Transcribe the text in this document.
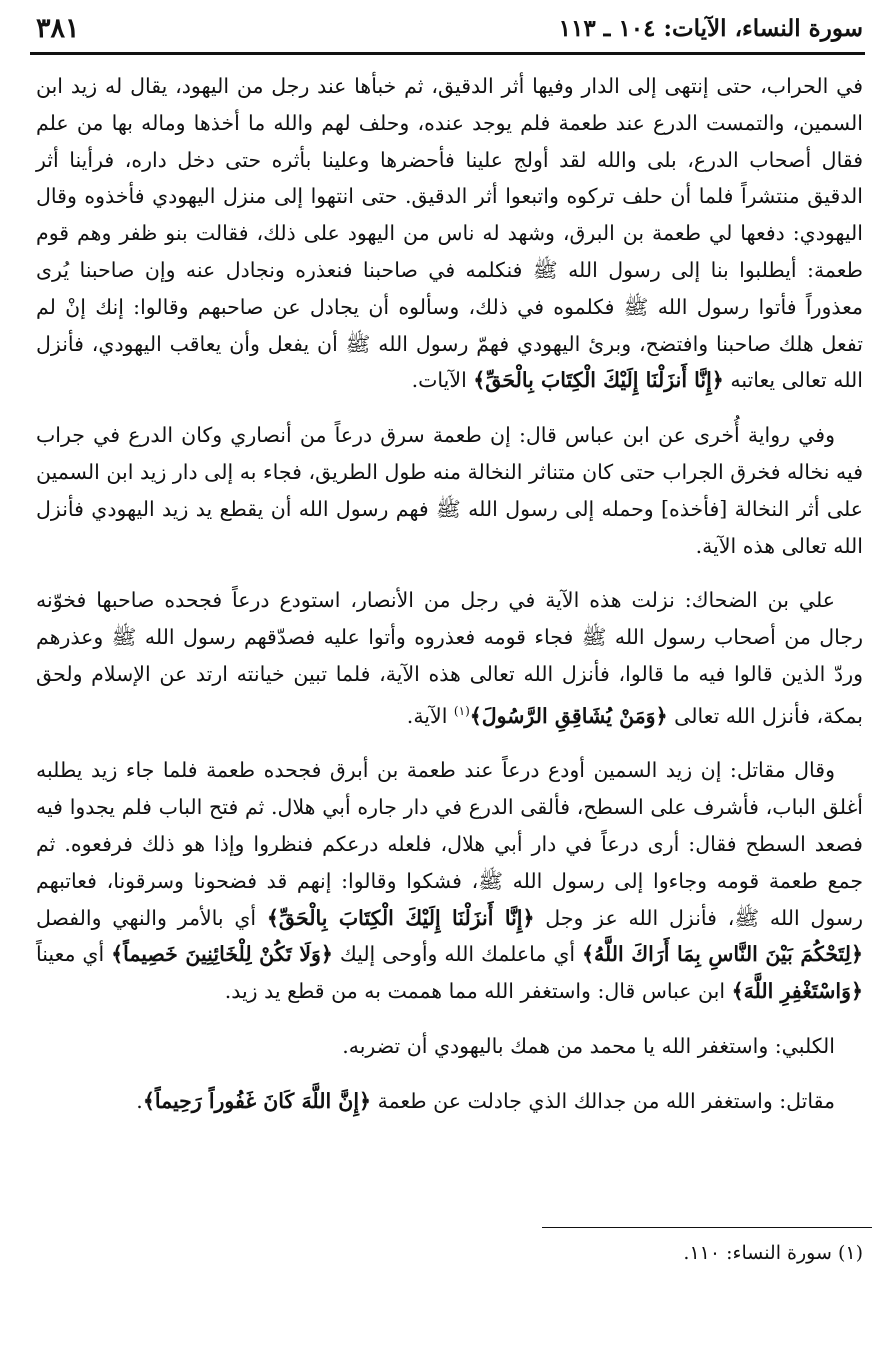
٣٨١	سورة النساء، الآيات: ١٠٤ ـ ١١٣

في الحراب، حتى إنتهى إلى الدار وفيها أثر الدقيق، ثم خبأها عند رجل من اليهود، يقال له زيد ابن السمين، والتمست الدرع عند طعمة فلم يوجد عنده، وحلف لهم والله ما أخذها وماله بها من علم فقال أصحاب الدرع، بلى والله لقد أولج علينا فأحضرها وعلينا بأثره حتى دخل داره، فرأينا أثر الدقيق منتشراً فلما أن حلف تركوه واتبعوا أثر الدقيق. حتى انتهوا إلى منزل اليهودي فأخذوه وقال اليهودي: دفعها لي طعمة بن البرق، وشهد له ناس من اليهود على ذلك، فقالت بنو ظفر وهم قوم طعمة: أيطلبوا بنا إلى رسول الله ﷺ فنكلمه في صاحبنا فنعذره ونجادل عنه وإن صاحبنا يُرى معذوراً فأتوا رسول الله ﷺ فكلموه في ذلك، وسألوه أن يجادل عن صاحبهم وقالوا: إنك إنْ لم تفعل هلك صاحبنا وافتضح، وبرئ اليهودي فهمّ رسول الله ﷺ أن يفعل وأن يعاقب اليهودي، فأنزل الله تعالى يعاتبه ﴿إِنَّا أَنزَلْنَا إِلَيْكَ الْكِتَابَ بِالْحَقِّ﴾ الآيات.

وفي رواية أُخرى عن ابن عباس قال: إن طعمة سرق درعاً من أنصاري وكان الدرع في جراب فيه نخاله فخرق الجراب حتى كان متناثر النخالة منه طول الطريق، فجاء به إلى دار زيد ابن السمين على أثر النخالة [فأخذه] وحمله إلى رسول الله ﷺ فهم رسول الله أن يقطع يد زيد اليهودي فأنزل الله تعالى هذه الآية.

علي بن الضحاك: نزلت هذه الآية في رجل من الأنصار، استودع درعاً فجحده صاحبها فخوّنه رجال من أصحاب رسول الله ﷺ فجاء قومه فعذروه وأتوا عليه فصدّقهم رسول الله ﷺ وعذرهم وردّ الذين قالوا فيه ما قالوا، فأنزل الله تعالى هذه الآية، فلما تبين خيانته ارتد عن الإسلام ولحق بمكة، فأنزل الله تعالى ﴿وَمَنْ يُشَاقِقِ الرَّسُولَ﴾$^{(١)}$ الآية.

وقال مقاتل: إن زيد السمين أودع درعاً عند طعمة بن أبرق فجحده طعمة فلما جاء زيد يطلبه أغلق الباب، فأشرف على السطح، فألقى الدرع في دار جاره أبي هلال. ثم فتح الباب فلم يجدوا فيه فصعد السطح فقال: أرى درعاً في دار أبي هلال، فلعله درعكم فنظروا وإذا هو ذلك فرفعوه. ثم جمع طعمة قومه وجاءوا إلى رسول الله ﷺ، فشكوا وقالوا: إنهم قد فضحونا وسرقونا، فعاتبهم رسول الله ﷺ، فأنزل الله عز وجل ﴿إِنَّا أَنزَلْنَا إِلَيْكَ الْكِتَابَ بِالْحَقِّ﴾ أي بالأمر والنهي والفصل ﴿لِتَحْكُمَ بَيْنَ النَّاسِ بِمَا أَرَاكَ اللَّهُ﴾ أي ماعلمك الله وأوحى إليك ﴿وَلَا تَكُنْ لِلْخَائِنِينَ خَصِيماً﴾ أي معيناً ﴿وَاسْتَغْفِرِ اللَّهَ﴾ ابن عباس قال: واستغفر الله مما هممت به من قطع يد زيد.

الكلبي: واستغفر الله يا محمد من همك باليهودي أن تضربه.

مقاتل: واستغفر الله من جدالك الذي جادلت عن طعمة ﴿إِنَّ اللَّهَ كَانَ غَفُوراً رَحِيماً﴾.

(١) سورة النساء: ١١٠.
